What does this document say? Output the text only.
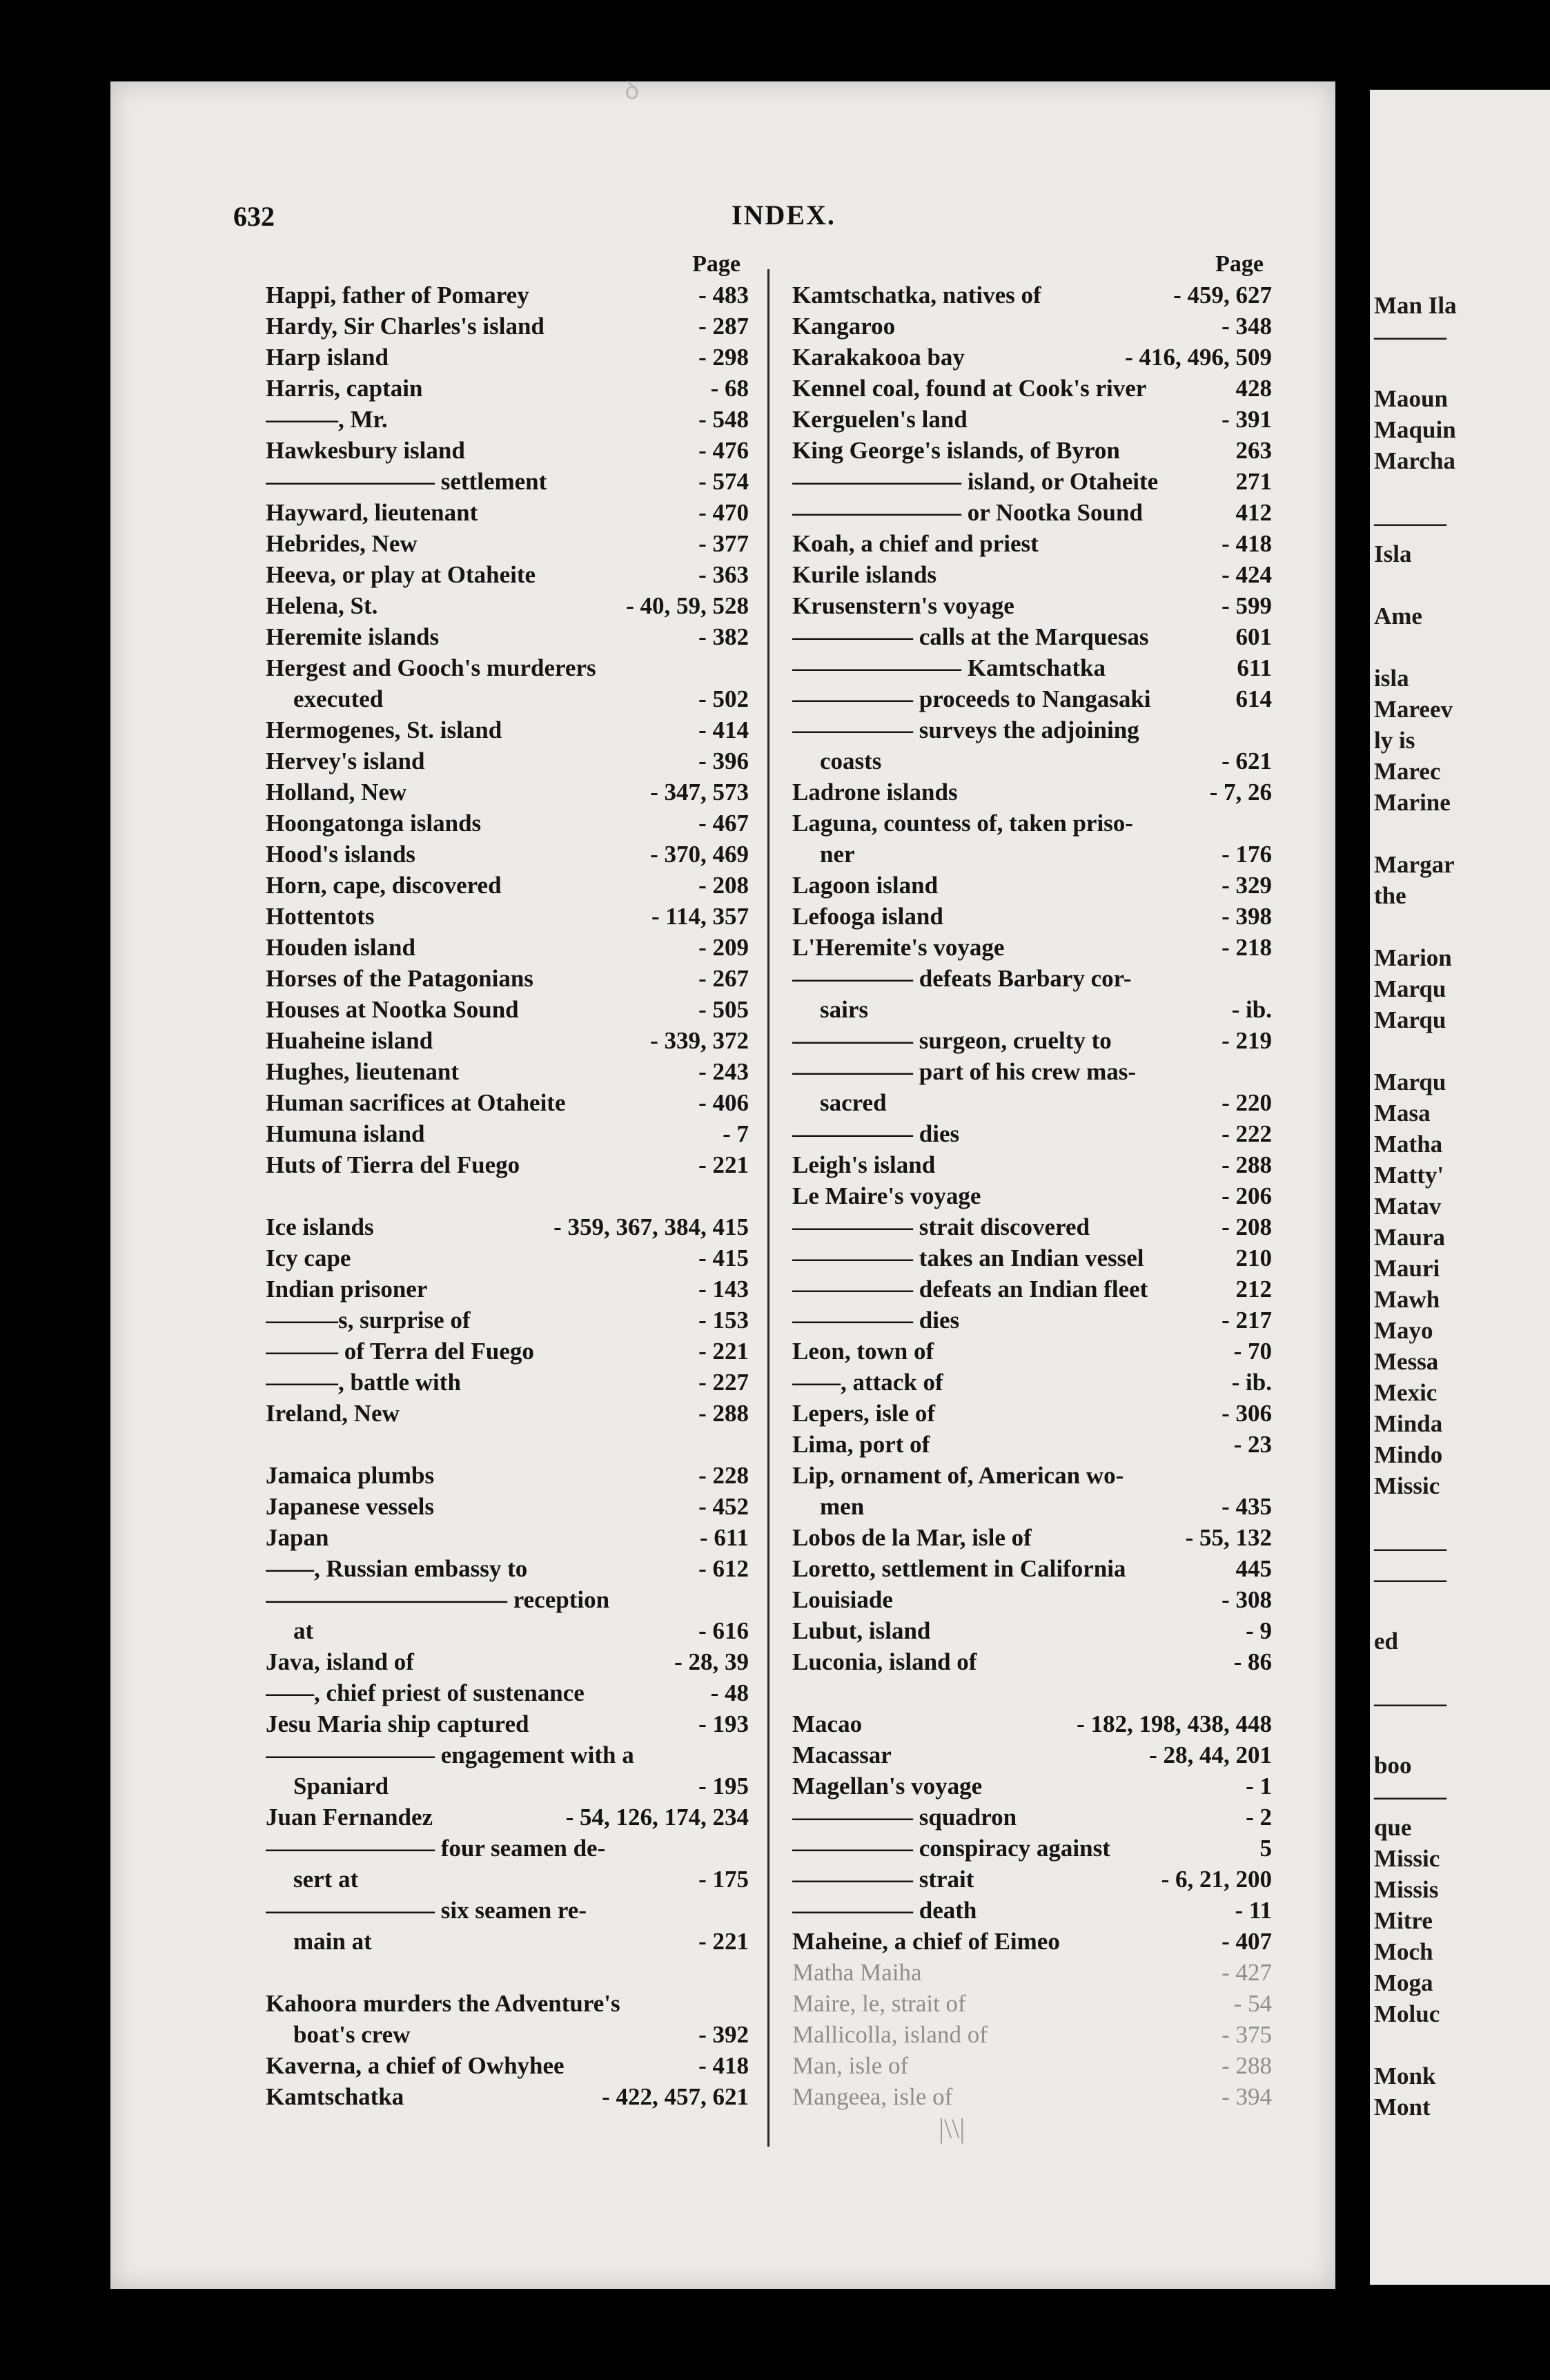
Man Ila
———
Maoun
Maquin
Marcha
———
Isla
Ame
isla
Mareev
ly is
Marec
Marine
Margar
the
Marion
Marqu
Marqu
Marqu
Masa
Matha
Matty'
Matav
Maura
Mauri
Mawh
Mayo
Messa
Mexic
Minda
Mindo
Missic
———
———
ed
———
boo
———
que
Missic
Missis
Mitre
Moch
Moga
Moluc
Monk
Mont
ꝺ
632	INDEX.
Page
Happi, father of Pomarey	- 483
Hardy, Sir Charles's island	- 287
Harp island	- 298
Harris, captain	- 68
———, Mr.	- 548
Hawkesbury island	- 476
——————— settlement	- 574
Hayward, lieutenant	- 470
Hebrides, New	- 377
Heeva, or play at Otaheite	- 363
Helena, St.	- 40, 59, 528
Heremite islands	- 382
Hergest and Gooch's murderers
executed	- 502
Hermogenes, St. island	- 414
Hervey's island	- 396
Holland, New	- 347, 573
Hoongatonga islands	- 467
Hood's islands	- 370, 469
Horn, cape, discovered	- 208
Hottentots	- 114, 357
Houden island	- 209
Horses of the Patagonians	- 267
Houses at Nootka Sound	- 505
Huaheine island	- 339, 372
Hughes, lieutenant	- 243
Human sacrifices at Otaheite	- 406
Humuna island	- 7
Huts of Tierra del Fuego	- 221
Ice islands	- 359, 367, 384, 415
Icy cape	- 415
Indian prisoner	- 143
———s, surprise of	- 153
——— of Terra del Fuego	- 221
———, battle with	- 227
Ireland, New	- 288
Jamaica plumbs	- 228
Japanese vessels	- 452
Japan	- 611
——, Russian embassy to	- 612
—————————— reception
at	- 616
Java, island of	- 28, 39
——, chief priest of sustenance	- 48
Jesu Maria ship captured	- 193
——————— engagement with a
Spaniard	- 195
Juan Fernandez	- 54, 126, 174, 234
——————— four seamen de-
sert at	- 175
——————— six seamen re-
main at	- 221
Kahoora murders the Adventure's
boat's crew	- 392
Kaverna, a chief of Owhyhee	- 418
Kamtschatka	- 422, 457, 621
Page
Kamtschatka, natives of	- 459, 627
Kangaroo	- 348
Karakakooa bay	- 416, 496, 509
Kennel coal, found at Cook's river	428
Kerguelen's land	- 391
King George's islands, of Byron	263
——————— island, or Otaheite	271
——————— or Nootka Sound	412
Koah, a chief and priest	- 418
Kurile islands	- 424
Krusenstern's voyage	- 599
————— calls at the Marquesas	601
——————— Kamtschatka	611
————— proceeds to Nangasaki	614
————— surveys the adjoining
coasts	- 621
Ladrone islands	- 7, 26
Laguna, countess of, taken priso-
ner	- 176
Lagoon island	- 329
Lefooga island	- 398
L'Heremite's voyage	- 218
————— defeats Barbary cor-
sairs	- ib.
————— surgeon, cruelty to	- 219
————— part of his crew mas-
sacred	- 220
————— dies	- 222
Leigh's island	- 288
Le Maire's voyage	- 206
————— strait discovered	- 208
————— takes an Indian vessel	210
————— defeats an Indian fleet	212
————— dies	- 217
Leon, town of	- 70
——, attack of	- ib.
Lepers, isle of	- 306
Lima, port of	- 23
Lip, ornament of, American wo-
men	- 435
Lobos de la Mar, isle of	- 55, 132
Loretto, settlement in California	445
Louisiade	- 308
Lubut, island	- 9
Luconia, island of	- 86
Macao	- 182, 198, 438, 448
Macassar	- 28, 44, 201
Magellan's voyage	- 1
————— squadron	- 2
————— conspiracy against	5
————— strait	- 6, 21, 200
————— death	- 11
Maheine, a chief of Eimeo	- 407
Matha Maiha	- 427
Maire, le, strait of	- 54
Mallicolla, island of	- 375
Man, isle of	- 288
Mangeea, isle of	- 394
|\\|
